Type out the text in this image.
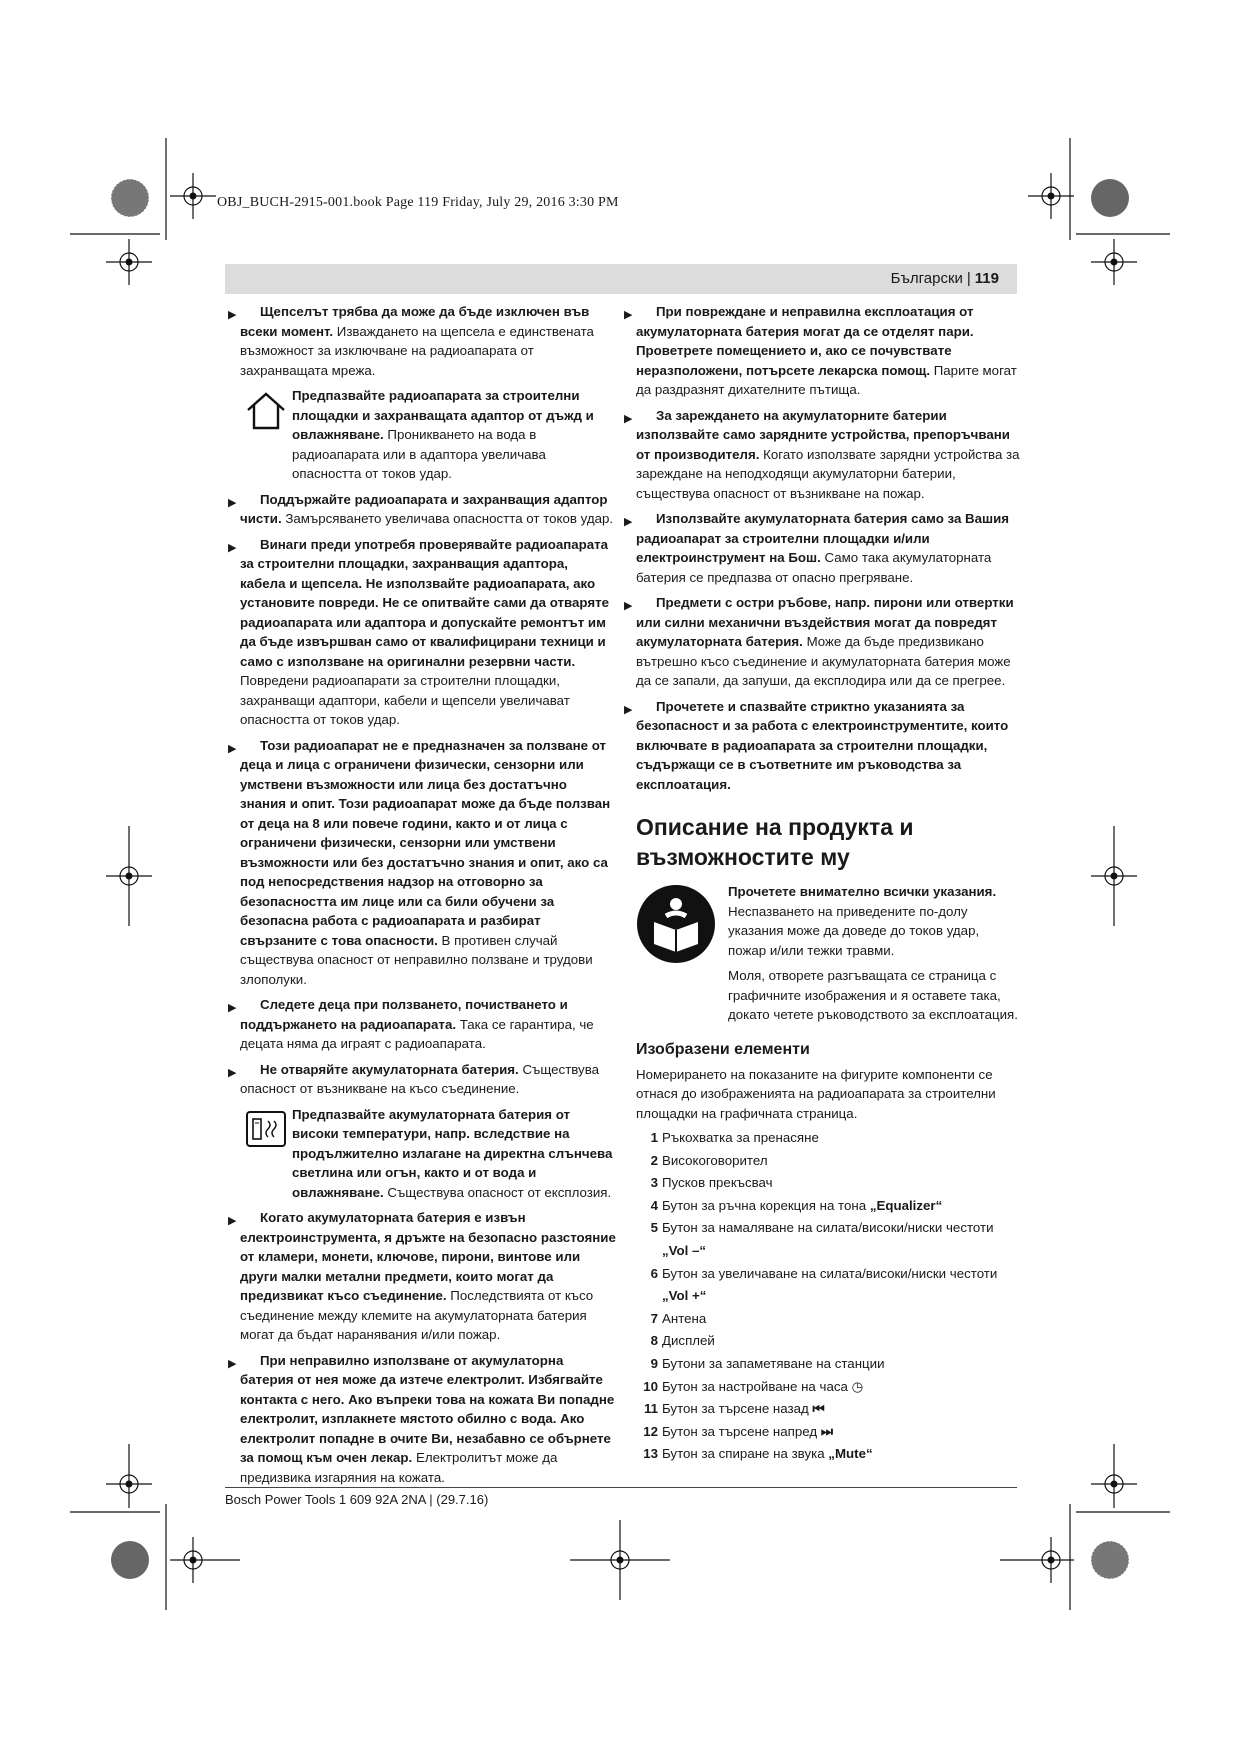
OBJ_BUCH-2915-001.book Page 119 Friday, July 29, 2016 3:30 PM
Български | 119
▶ Щепселът трябва да може да бъде изключен във всеки момент. Изваждането на щепсела е единствената възможност за изключване на радиоапарата от захранващата мрежа.
Предпазвайте радиоапарата за строителни площадки и захранващата адаптор от дъжд и овлажняване. Проникването на вода в радиоапарата или в адаптора увеличава опасността от токов удар.
▶ Поддържайте радиоапарата и захранващия адаптор чисти. Замърсяването увеличава опасността от токов удар.
▶ Винаги преди употребя проверявайте радиоапарата за строителни площадки, захранващия адаптора, кабела и щепсела. Не използвайте радиоапарата, ако установите повреди. Не се опитвайте сами да отваряте радиоапарата или адаптора и допускайте ремонтът им да бъде извършван само от квалифицирани техници и само с използване на оригинални резервни части. Повредени радиоапарати за строителни площадки, захранващи адаптори, кабели и щепсели увеличават опасността от токов удар.
▶ Този радиоапарат не е предназначен за ползване от деца и лица с ограничени физически, сензорни или умствени възможности или лица без достатъчно знания и опит. Този радиоапарат може да бъде ползван от деца на 8 или повече години, както и от лица с ограничени физически, сензорни или умствени възможности или без достатъчно знания и опит, ако са под непосредствения надзор на отговорно за безопасността им лице или са били обучени за безопасна работа с радиоапарата и разбират свързаните с това опасности. В противен случай съществува опасност от неправилно ползване и трудови злополуки.
▶ Следете деца при ползването, почистването и поддържането на радиоапарата. Така се гарантира, че децата няма да играят с радиоапарата.
▶ Не отваряйте акумулаторната батерия. Съществува опасност от възникване на късо съединение.
Предпазвайте акумулаторната батерия от високи температури, напр. вследствие на продължително излагане на директна слънчева светлина или огън, както и от вода и овлажняване. Съществува опасност от експлозия.
▶ Когато акумулаторната батерия е извън електроинструмента, я дръжте на безопасно разстояние от кламери, монети, ключове, пирони, винтове или други малки метални предмети, които могат да предизвикат късо съединение. Последствията от късо съединение между клемите на акумулаторната батерия могат да бъдат наранявания и/или пожар.
▶ При неправилно използване от акумулаторна батерия от нея може да изтече електролит. Избягвайте контакта с него. Ако въпреки това на кожата Ви попадне електролит, изплакнете мястото обилно с вода. Ако електролит попадне в очите Ви, незабавно се обърнете за помощ към очен лекар. Електролитът може да предизвика изгаряния на кожата.
▶ При повреждане и неправилна експлоатация от акумулаторната батерия могат да се отделят пари. Проветрете помещението и, ако се почувствате неразположени, потърсете лекарска помощ. Парите могат да раздразнят дихателните пътища.
▶ За зареждането на акумулаторните батерии използвайте само зарядните устройства, препоръчвани от производителя. Когато използвате зарядни устройства за зареждане на неподходящи акумулаторни батерии, съществува опасност от възникване на пожар.
▶ Използвайте акумулаторната батерия само за Вашия радиоапарат за строителни площадки и/или електроинструмент на Бош. Само така акумулаторната батерия се предпазва от опасно прегряване.
▶ Предмети с остри ръбове, напр. пирони или отвертки или силни механични въздействия могат да повредят акумулаторната батерия. Може да бъде предизвикано вътрешно късо съединение и акумулаторната батерия може да се запали, да запуши, да експлодира или да се прегрее.
▶ Прочетете и спазвайте стриктно указанията за безопасност и за работа с електроинструментите, които включвате в радиоапарата за строителни площадки, съдържащи се в съответните им ръководства за експлоатация.
Описание на продукта и възможностите му
Прочетете внимателно всички указания. Неспазването на приведените по-долу указания може да доведе до токов удар, пожар и/или тежки травми.
Моля, отворете разгъващата се страница с графичните изображения и я оставете така, докато четете ръководството за експлоатация.
Изобразени елементи
Номерирането на показаните на фигурите компоненти се отнася до изображенията на радиоапарата за строителни площадки на графичната страница.
1 Ръкохватка за пренасяне
2 Високоговорител
3 Пусков прекъсвач
4 Бутон за ръчна корекция на тона „Equalizer“
5 Бутон за намаляване на силата/високи/ниски честоти „Vol –“
6 Бутон за увеличаване на силата/високи/ниски честоти „Vol +“
7 Антена
8 Дисплей
9 Бутони за запаметяване на станции
10 Бутон за настройване на часа ◷
11 Бутон за търсене назад ⏮
12 Бутон за търсене напред ⏭
13 Бутон за спиране на звука „Mute“
Bosch Power Tools 1 609 92A 2NA | (29.7.16)
